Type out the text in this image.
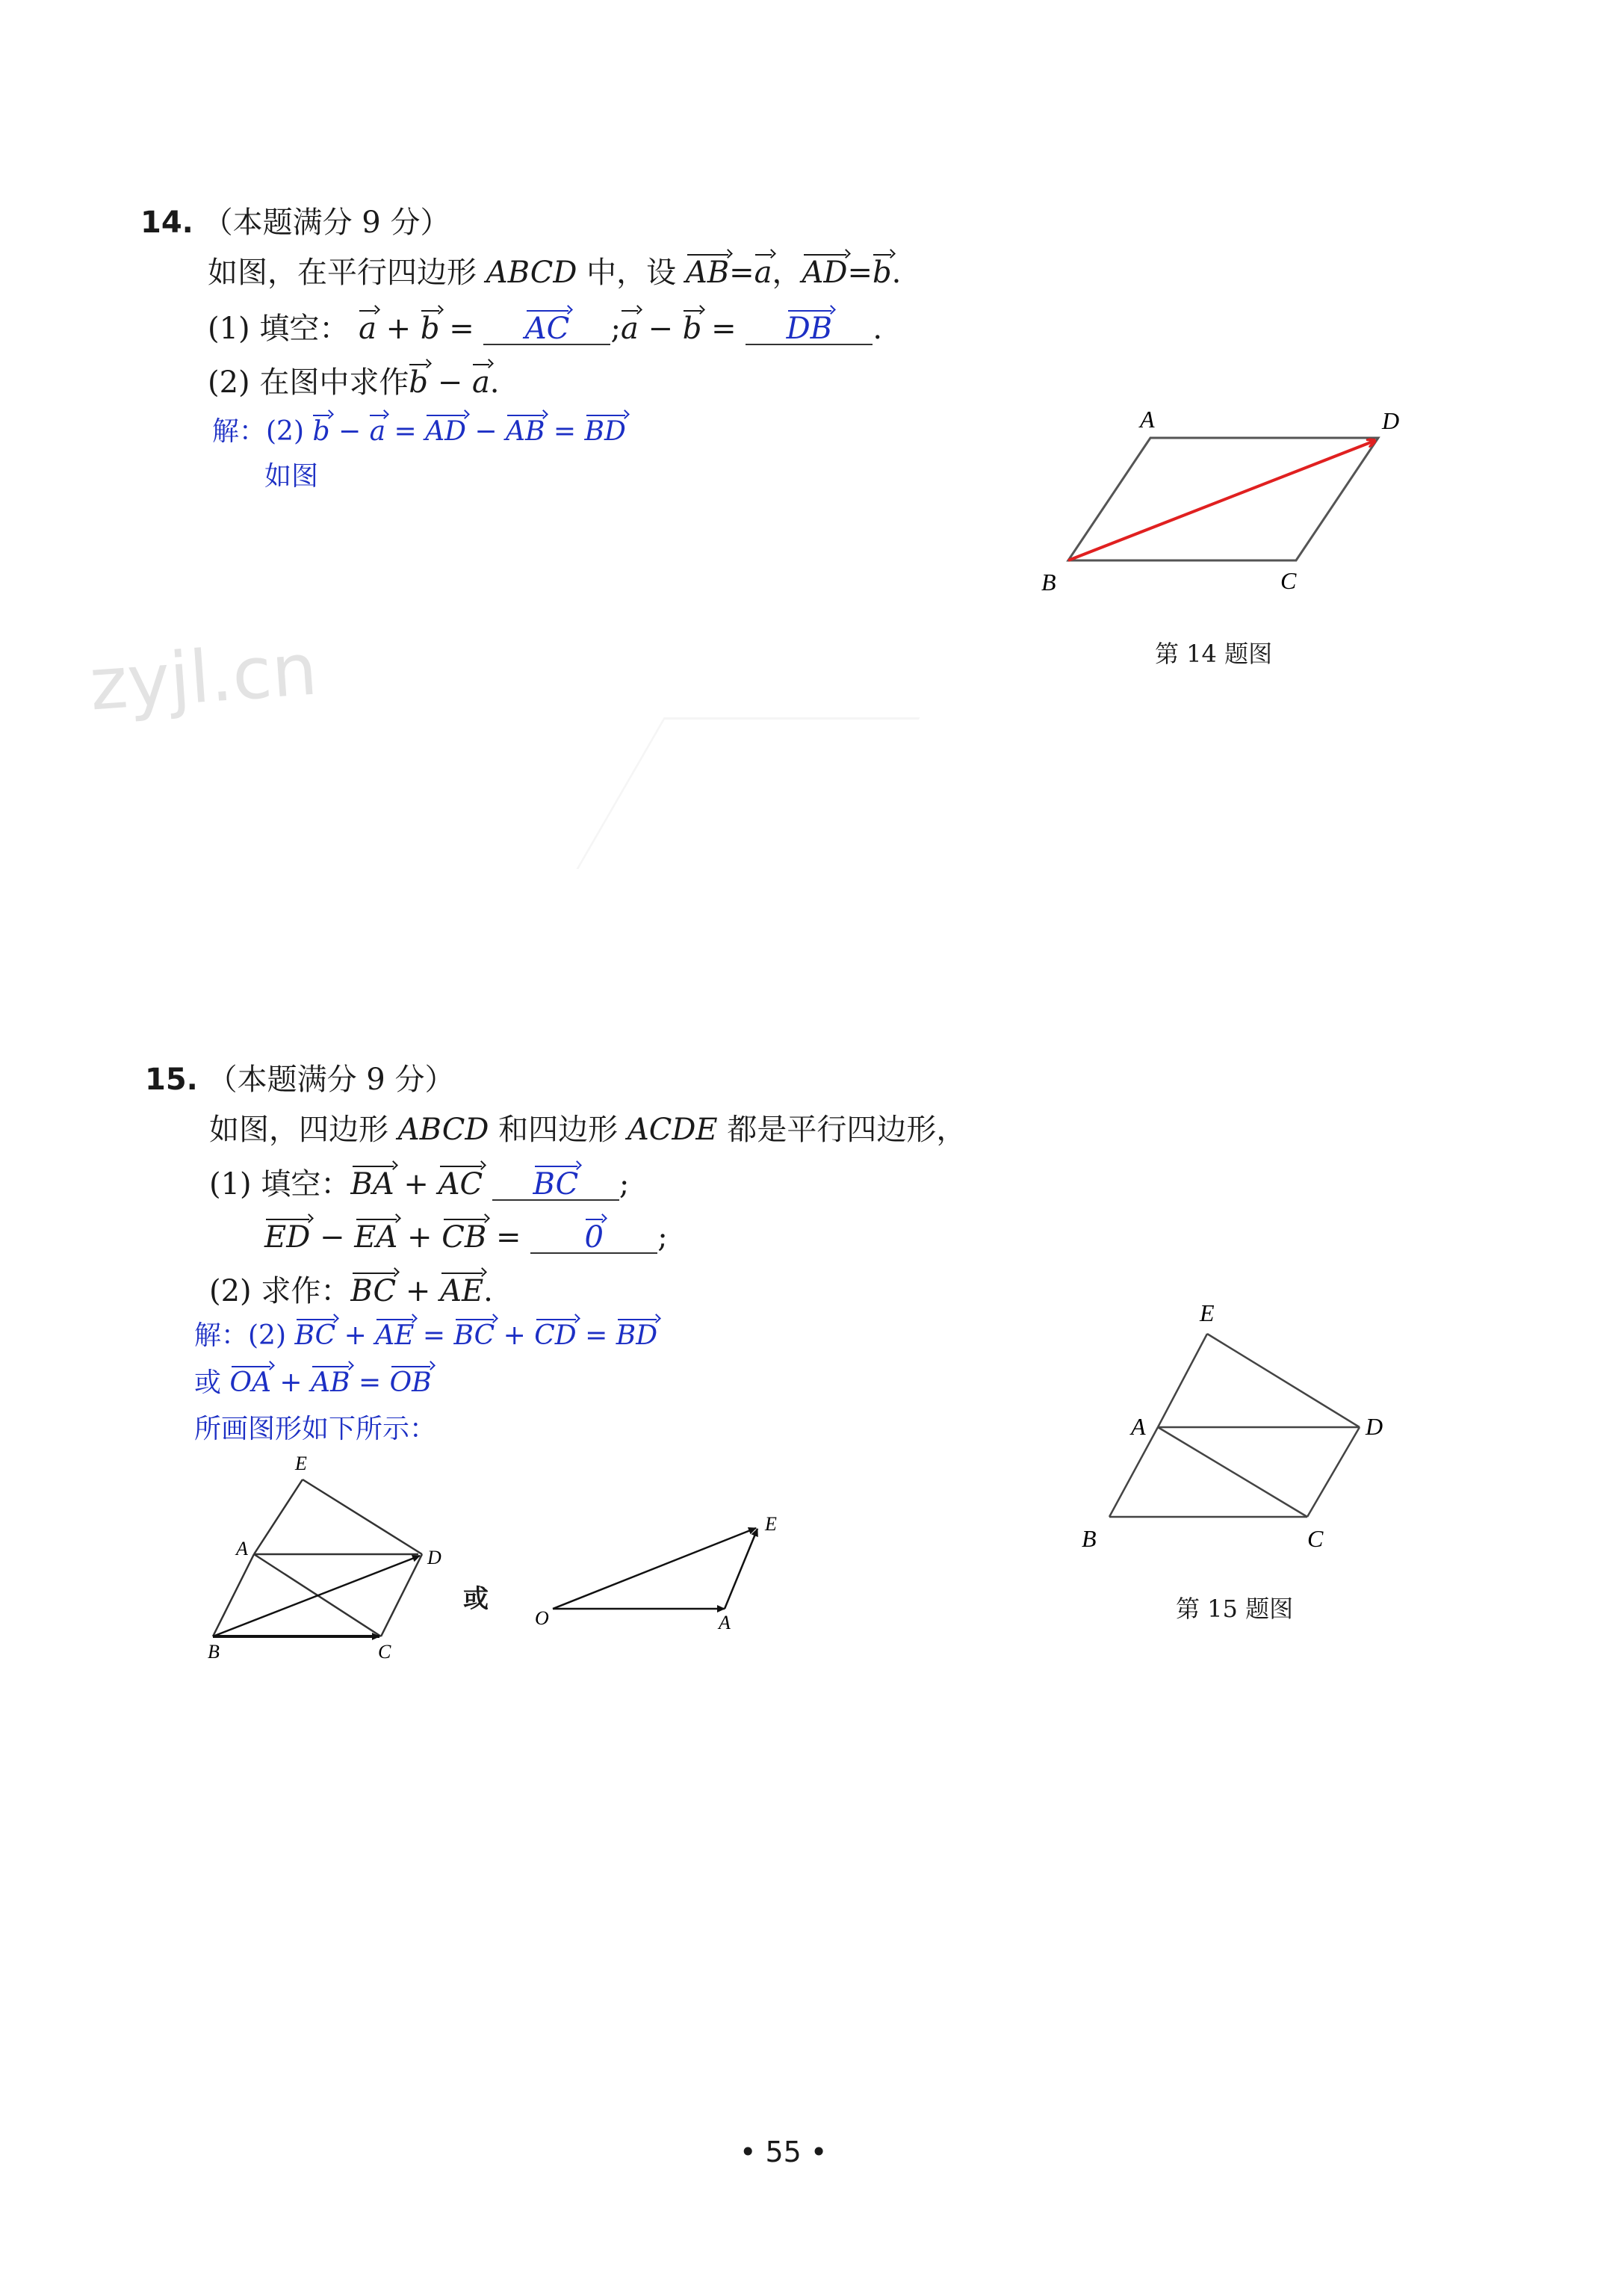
zyjl.cn
14. （本题满分 9 分）
如图，在平行四边形 ABCD 中，设 AB=a，AD=b.
(1) 填空： a + b = AC ;a − b = DB .
(2) 在图中求作b − a.
解：(2) b − a = AD − AB = BD
如图
A	D
B	C
第 14 题图
15. （本题满分 9 分）
如图，四边形 ABCD 和四边形 ACDE 都是平行四边形，
(1) 填空：BA + AC BC ;
ED − EA + CB = 0 ;
(2) 求作：BC + AE.
解：(2) BC + AE = BC + CD = BD
或 OA + AB = OB
所画图形如下所示：
E
A	D
B	C
或
O	A
E
E
A	D
B	C
第 15 题图
• 55 •
